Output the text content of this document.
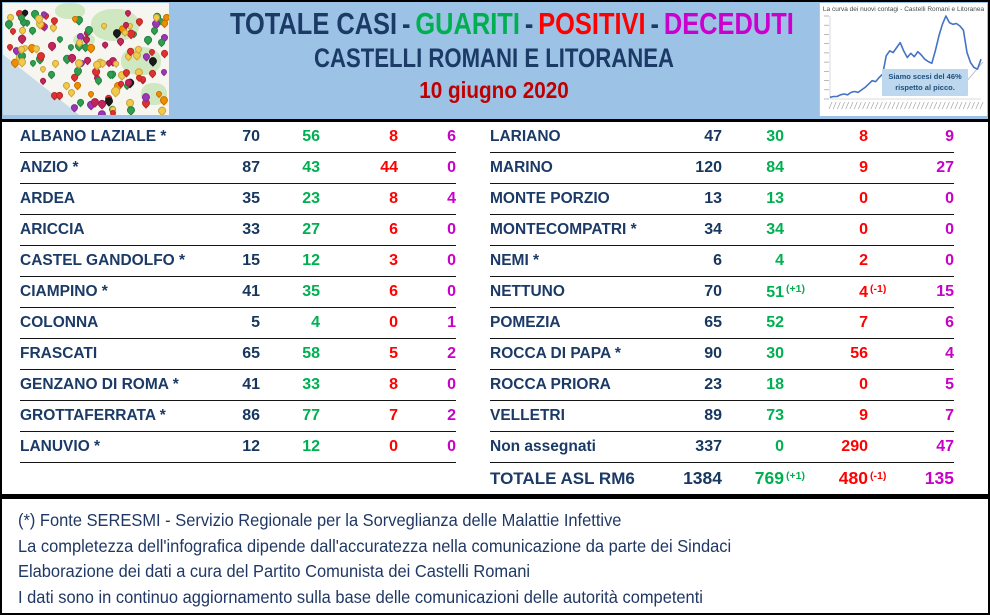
TOTALE CASI - GUARITI - POSITIVI - DECEDUTI
CASTELLI ROMANI E LITORANEA
10 giugno 2020
La curva dei nuovi contagi - Castelli Romani e Litoranea
Siamo scesi del 46% rispetto al picco.
ALBANO LAZIALE *	70	56	8	6
ANZIO *	87	43	44	0
ARDEA	35	23	8	4
ARICCIA	33	27	6	0
CASTEL GANDOLFO *	15	12	3	0
CIAMPINO *	41	35	6	0
COLONNA	5	4	0	1
FRASCATI	65	58	5	2
GENZANO DI ROMA *	41	33	8	0
GROTTAFERRATA *	86	77	7	2
LANUVIO *	12	12	0	0
LARIANO	47	30	8	9
MARINO	120	84	9	27
MONTE PORZIO	13	13	0	0
MONTECOMPATRI *	34	34	0	0
NEMI *	6	4	2	0
NETTUNO	70	51 (+1)	4 (-1)	15
POMEZIA	65	52	7	6
ROCCA DI PAPA *	90	30	56	4
ROCCA PRIORA	23	18	0	5
VELLETRI	89	73	9	7
Non assegnati	337	0	290	47
TOTALE ASL RM6	1384	769 (+1)	480 (-1)	135
(*) Fonte SERESMI - Servizio Regionale per la Sorveglianza delle Malattie Infettive
La completezza dell'infografica dipende dall'accuratezza nella comunicazione da parte dei Sindaci
Elaborazione dei dati a cura del Partito Comunista dei Castelli Romani
I dati sono in continuo aggiornamento sulla base delle comunicazioni delle autorità competenti
